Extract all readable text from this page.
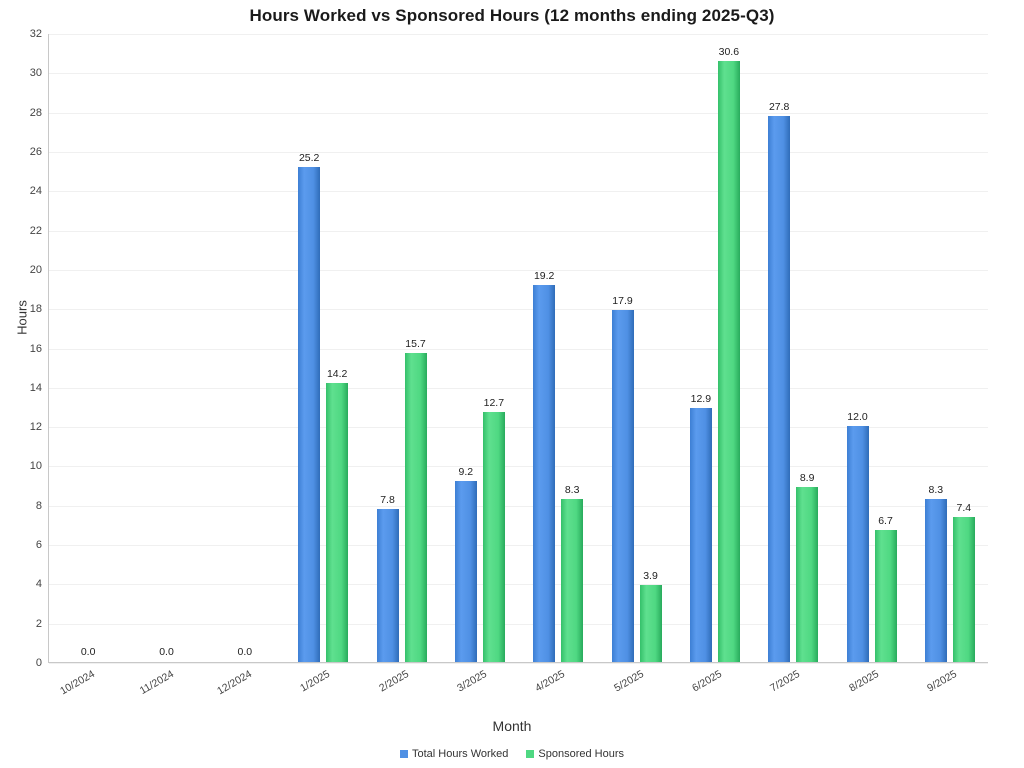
Hours Worked vs Sponsored Hours (12 months ending 2025-Q3)
Hours
0
2
4
6
8
10
12
14
16
18
20
22
24
26
28
30
32
0.0	0.0	0.0
25.2
14.2
7.8
15.7
9.2
12.7
19.2
8.3
17.9
3.9
12.9
30.6
27.8
8.9
12.0
6.7
8.3
7.4
10/2024	11/2024	12/2024	1/2025	2/2025	3/2025	4/2025	5/2025	6/2025	7/2025	8/2025	9/2025
Month
Total Hours Worked	Sponsored Hours
